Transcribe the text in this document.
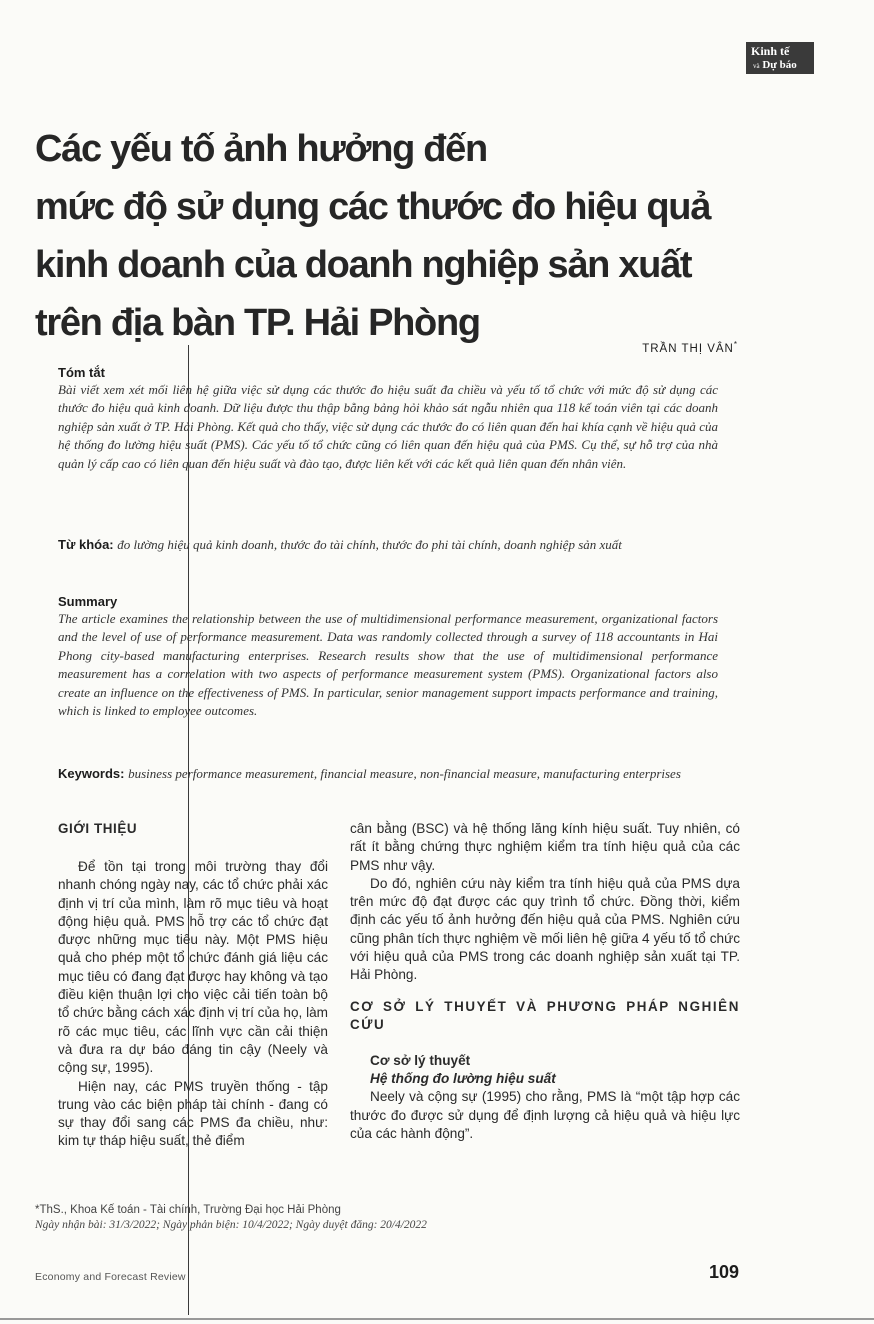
Kinh tế
và Dự báo
Các yếu tố ảnh hưởng đến
mức độ sử dụng các thước đo hiệu quả
kinh doanh của doanh nghiệp sản xuất
trên địa bàn TP. Hải Phòng
TRẦN THỊ VÂN*
Tóm tắt

Bài viết xem xét mối liên hệ giữa việc sử dụng các thước đo hiệu suất đa chiều và yếu tố tổ chức với mức độ sử dụng các thước đo hiệu quả kinh doanh. Dữ liệu được thu thập bằng bảng hỏi khảo sát ngẫu nhiên qua 118 kế toán viên tại các doanh nghiệp sản xuất ở TP. Hải Phòng. Kết quả cho thấy, việc sử dụng các thước đo có liên quan đến hai khía cạnh về hiệu quả của hệ thống đo lường hiệu suất (PMS). Các yếu tố tổ chức cũng có liên quan đến hiệu quả của PMS. Cụ thể, sự hỗ trợ của nhà quản lý cấp cao có liên quan đến hiệu suất và đào tạo, được liên kết với các kết quả liên quan đến nhân viên.

Từ khóa: đo lường hiệu quả kinh doanh, thước đo tài chính, thước đo phi tài chính, doanh nghiệp sản xuất

Summary

The article examines the relationship between the use of multidimensional performance measurement, organizational factors and the level of use of performance measurement. Data was randomly collected through a survey of 118 accountants in Hai Phong city-based manufacturing enterprises. Research results show that the use of multidimensional performance measurement has a correlation with two aspects of performance measurement system (PMS). Organizational factors also create an influence on the effectiveness of PMS. In particular, senior management support impacts performance and training, which is linked to employee outcomes.

Keywords: business performance measurement, financial measure, non-financial measure, manufacturing enterprises

GIỚI THIỆU

Để tồn tại trong môi trường thay đổi nhanh chóng ngày nay, các tổ chức phải xác định vị trí của mình, làm rõ mục tiêu và hoạt động hiệu quả. PMS hỗ trợ các tổ chức đạt được những mục tiêu này. Một PMS hiệu quả cho phép một tổ chức đánh giá liệu các mục tiêu có đang đạt được hay không và tạo điều kiện thuận lợi cho việc cải tiến toàn bộ tổ chức bằng cách xác định vị trí của họ, làm rõ các mục tiêu, các lĩnh vực cần cải thiện và đưa ra dự báo đáng tin cậy (Neely và cộng sự, 1995).

Hiện nay, các PMS truyền thống - tập trung vào các biện pháp tài chính - đang có sự thay đổi sang các PMS đa chiều, như: kim tự tháp hiệu suất, thẻ điểm

cân bằng (BSC) và hệ thống lăng kính hiệu suất. Tuy nhiên, có rất ít bằng chứng thực nghiệm kiểm tra tính hiệu quả của các PMS như vậy.

Do đó, nghiên cứu này kiểm tra tính hiệu quả của PMS dựa trên mức độ đạt được các quy trình tổ chức. Đồng thời, kiểm định các yếu tố ảnh hưởng đến hiệu quả của PMS. Nghiên cứu cũng phân tích thực nghiệm về mối liên hệ giữa 4 yếu tố tổ chức với hiệu quả của PMS trong các doanh nghiệp sản xuất tại TP. Hải Phòng.

CƠ SỞ LÝ THUYẾT VÀ PHƯƠNG PHÁP NGHIÊN CỨU

Cơ sở lý thuyết

Hệ thống đo lường hiệu suất

Neely và cộng sự (1995) cho rằng, PMS là “một tập hợp các thước đo được sử dụng để định lượng cả hiệu quả và hiệu lực của các hành động”.

*ThS., Khoa Kế toán - Tài chính, Trường Đại học Hải Phòng
Ngày nhận bài: 31/3/2022; Ngày phản biện: 10/4/2022; Ngày duyệt đăng: 20/4/2022
Economy and Forecast Review	109
